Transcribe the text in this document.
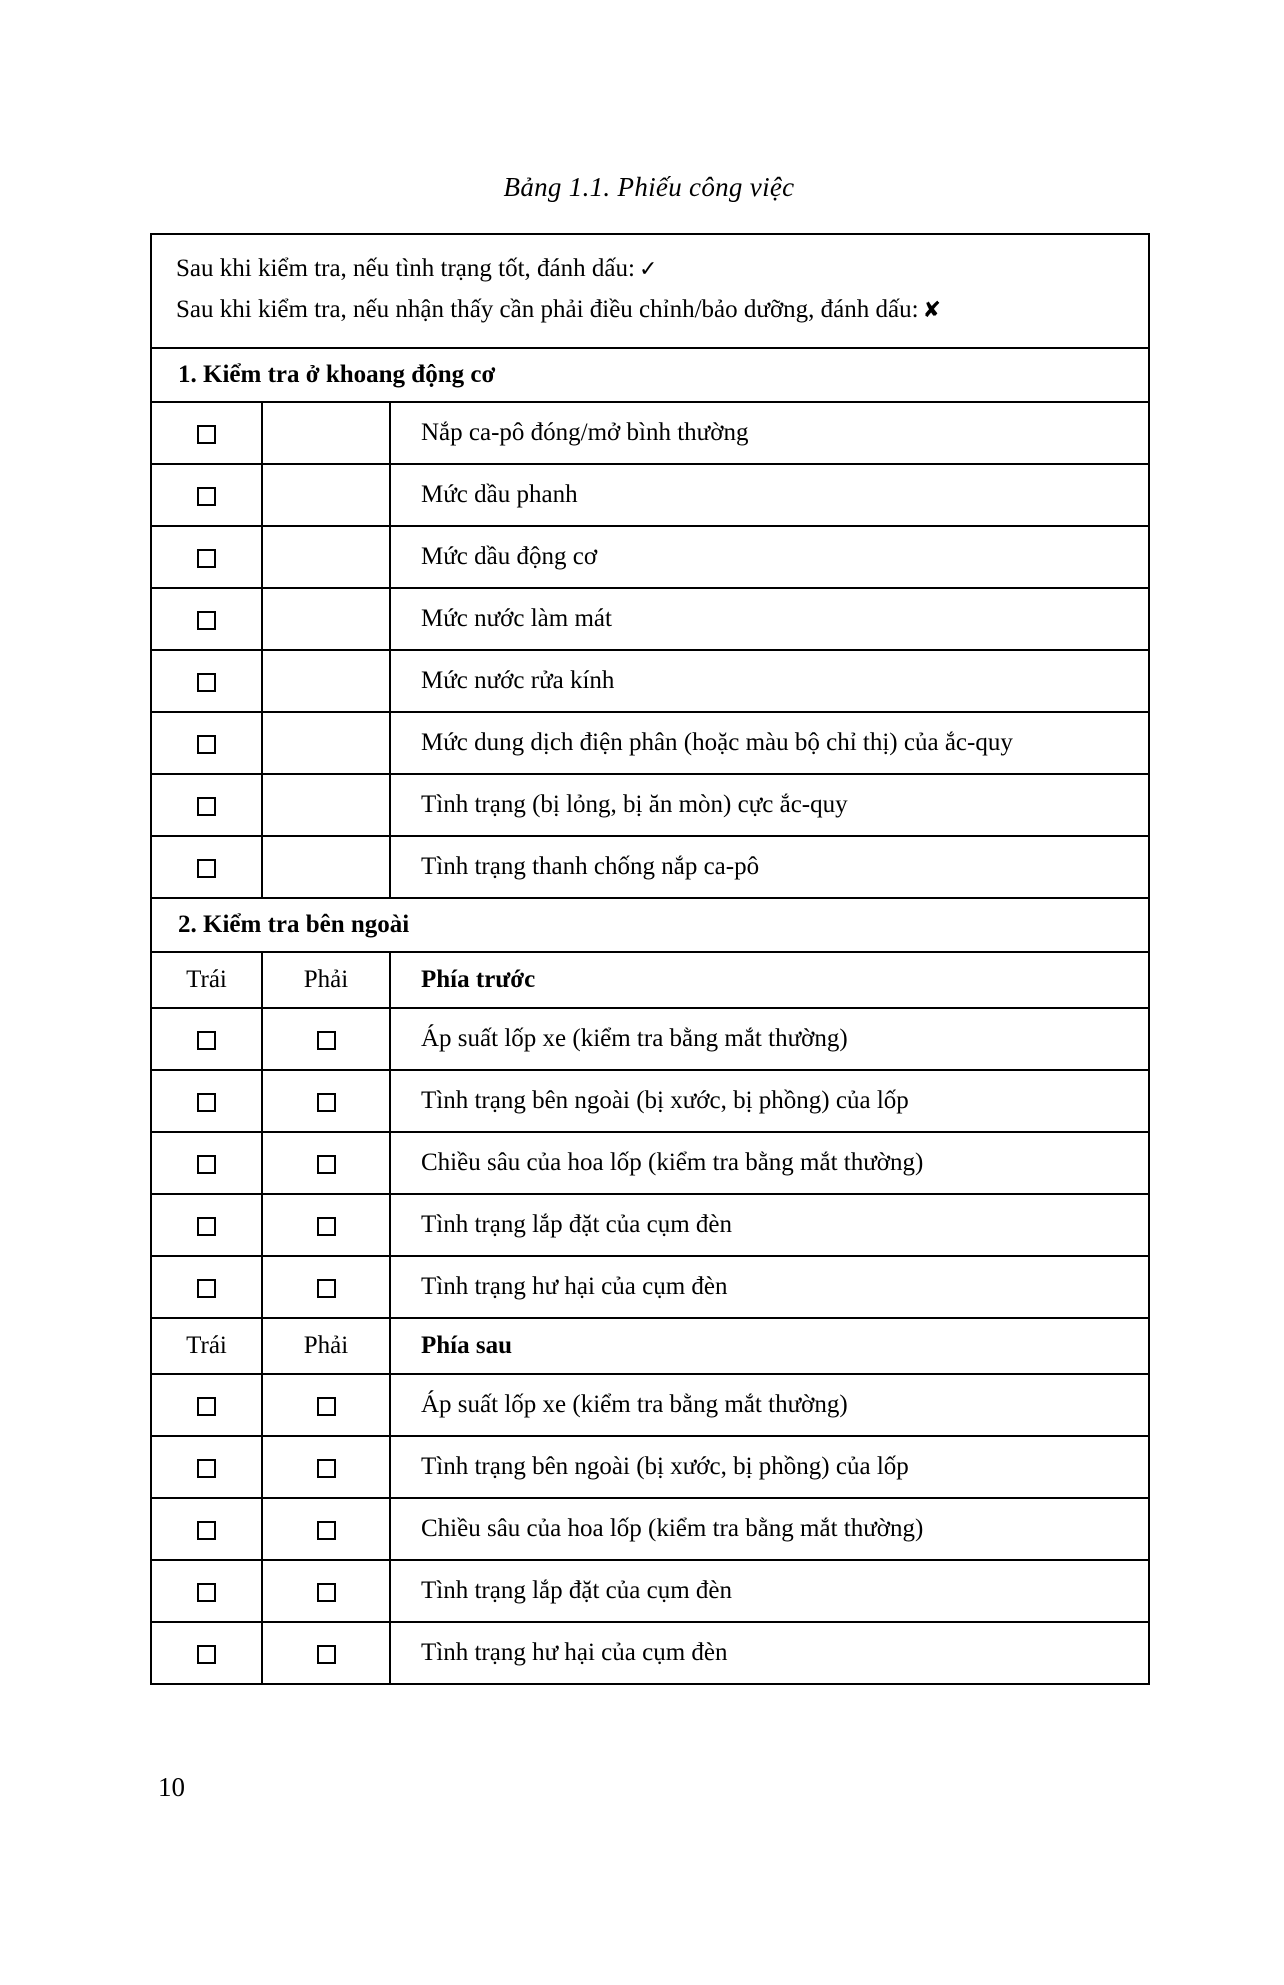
Bảng 1.1. Phiếu công việc

Sau khi kiểm tra, nếu tình trạng tốt, đánh dấu: ✓

Sau khi kiểm tra, nếu nhận thấy cần phải điều chỉnh/bảo dưỡng, đánh dấu: ✘		

1. Kiểm tra ở khoang động cơ		
		Nắp ca-pô đóng/mở bình thường
		Mức dầu phanh
		Mức dầu động cơ
		Mức nước làm mát
		Mức nước rửa kính
		Mức dung dịch điện phân (hoặc màu bộ chỉ thị) của ắc-quy
		Tình trạng (bị lỏng, bị ăn mòn) cực ắc-quy
		Tình trạng thanh chống nắp ca-pô
2. Kiểm tra bên ngoài		
Trái	Phải	Phía trước
		Áp suất lốp xe (kiểm tra bằng mắt thường)
		Tình trạng bên ngoài (bị xước, bị phồng) của lốp
		Chiều sâu của hoa lốp (kiểm tra bằng mắt thường)
		Tình trạng lắp đặt của cụm đèn
		Tình trạng hư hại của cụm đèn
Trái	Phải	Phía sau
		Áp suất lốp xe (kiểm tra bằng mắt thường)
		Tình trạng bên ngoài (bị xước, bị phồng) của lốp
		Chiều sâu của hoa lốp (kiểm tra bằng mắt thường)
		Tình trạng lắp đặt của cụm đèn
		Tình trạng hư hại của cụm đèn
10
